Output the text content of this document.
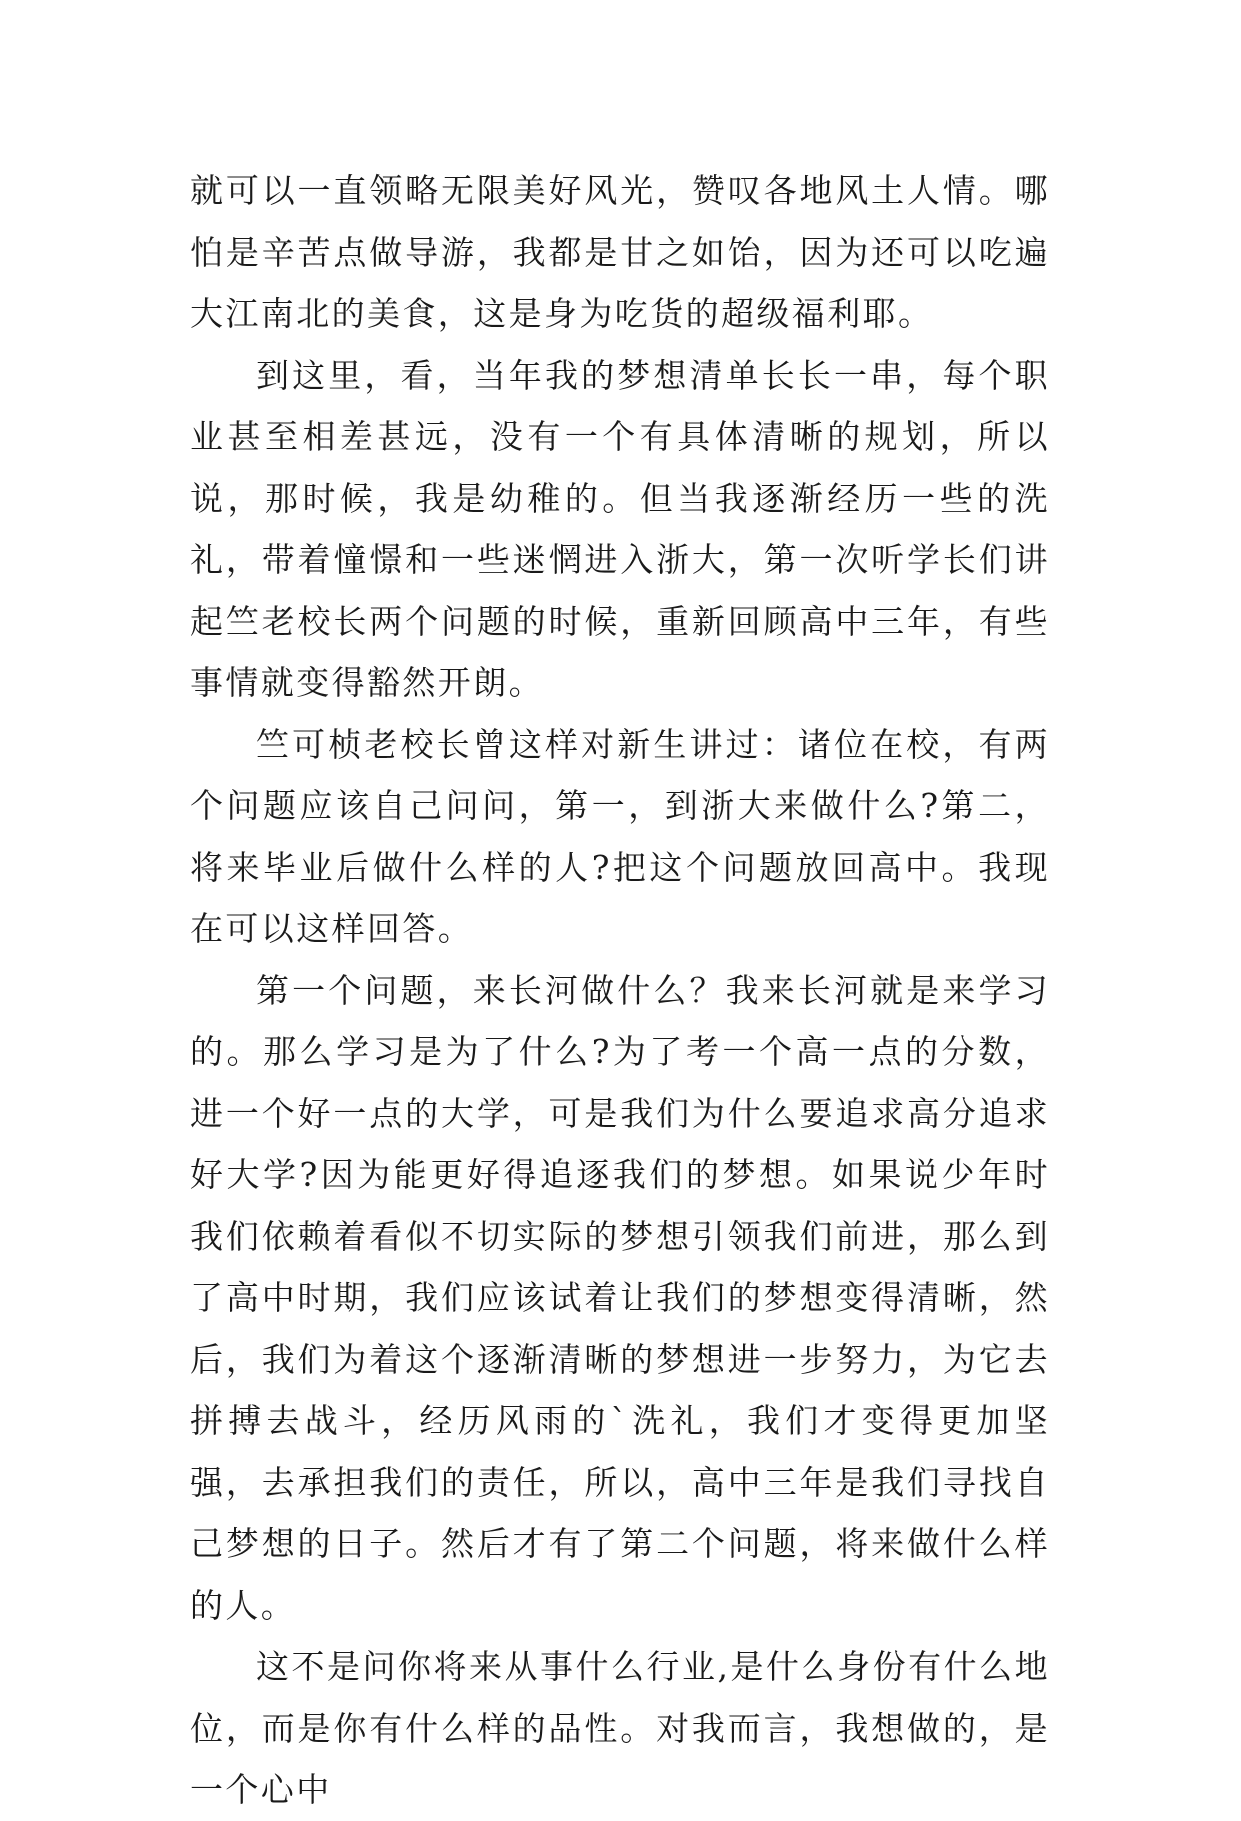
就可以一直领略无限美好风光，赞叹各地风土人情。哪怕是辛苦点做导游，我都是甘之如饴，因为还可以吃遍大江南北的美食，这是身为吃货的超级福利耶。

到这里，看，当年我的梦想清单长长一串，每个职业甚至相差甚远，没有一个有具体清晰的规划，所以说，那时候，我是幼稚的。但当我逐渐经历一些的洗礼，带着憧憬和一些迷惘进入浙大，第一次听学长们讲起竺老校长两个问题的时候，重新回顾高中三年，有些事情就变得豁然开朗。

竺可桢老校长曾这样对新生讲过：诸位在校，有两个问题应该自己问问，第一，到浙大来做什么?第二，将来毕业后做什么样的人?把这个问题放回高中。我现在可以这样回答。

第一个问题，来长河做什么？我来长河就是来学习的。那么学习是为了什么?为了考一个高一点的分数，进一个好一点的大学，可是我们为什么要追求高分追求好大学?因为能更好得追逐我们的梦想。如果说少年时我们依赖着看似不切实际的梦想引领我们前进，那么到了高中时期，我们应该试着让我们的梦想变得清晰，然后，我们为着这个逐渐清晰的梦想进一步努力，为它去拼搏去战斗，经历风雨的`洗礼，我们才变得更加坚强，去承担我们的责任，所以，高中三年是我们寻找自己梦想的日子。然后才有了第二个问题，将来做什么样的人。

这不是问你将来从事什么行业,是什么身份有什么地位，而是你有什么样的品性。对我而言，我想做的，是一个心中
